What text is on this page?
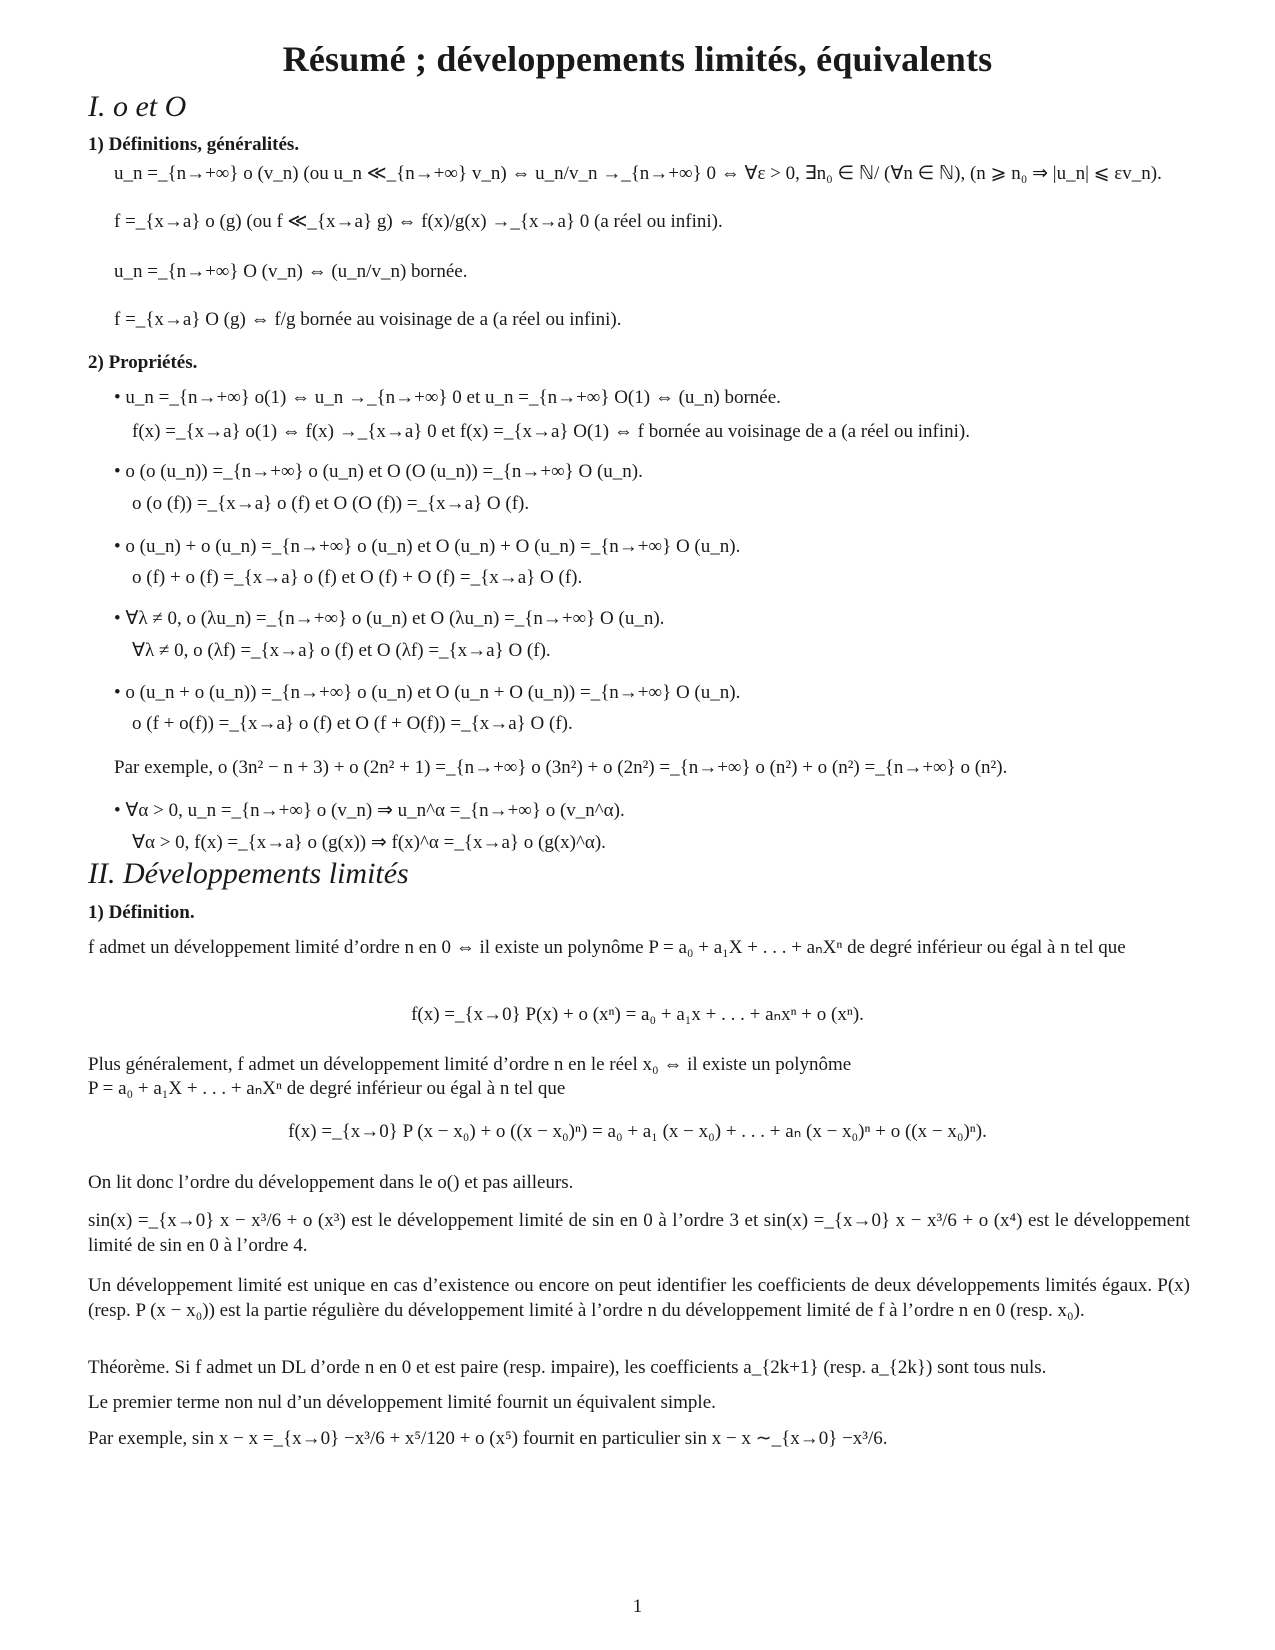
Résumé ; développements limités, équivalents
I. o et O
1) Définitions, généralités.
u_n =_{n→+∞} o (v_n) (ou u_n ≪_{n→+∞} v_n) ⇔ u_n/v_n →_{n→+∞} 0 ⇔ ∀ε > 0, ∃n₀ ∈ ℕ/ (∀n ∈ ℕ), (n ⩾ n₀ ⇒ |u_n| ⩽ εv_n).
f =_{x→a} o (g) (ou f ≪_{x→a} g) ⇔ f(x)/g(x) →_{x→a} 0 (a réel ou infini).
u_n =_{n→+∞} O (v_n) ⇔ (u_n/v_n) bornée.
f =_{x→a} O (g) ⇔ f/g bornée au voisinage de a (a réel ou infini).
2) Propriétés.
• u_n =_{n→+∞} o(1) ⇔ u_n →_{n→+∞} 0 et u_n =_{n→+∞} O(1) ⇔ (u_n) bornée.
f(x) =_{x→a} o(1) ⇔ f(x) →_{x→a} 0 et f(x) =_{x→a} O(1) ⇔ f bornée au voisinage de a (a réel ou infini).
• o (o (u_n)) =_{n→+∞} o (u_n) et O (O (u_n)) =_{n→+∞} O (u_n).
o (o (f)) =_{x→a} o (f) et O (O (f)) =_{x→a} O (f).
• o (u_n) + o (u_n) =_{n→+∞} o (u_n) et O (u_n) + O (u_n) =_{n→+∞} O (u_n).
o (f) + o (f) =_{x→a} o (f) et O (f) + O (f) =_{x→a} O (f).
• ∀λ ≠ 0, o (λu_n) =_{n→+∞} o (u_n) et O (λu_n) =_{n→+∞} O (u_n).
∀λ ≠ 0, o (λf) =_{x→a} o (f) et O (λf) =_{x→a} O (f).
• o (u_n + o (u_n)) =_{n→+∞} o (u_n) et O (u_n + O (u_n)) =_{n→+∞} O (u_n).
o (f + o(f)) =_{x→a} o (f) et O (f + O(f)) =_{x→a} O (f).
Par exemple, o (3n² − n + 3) + o (2n² + 1) =_{n→+∞} o (3n²) + o (2n²) =_{n→+∞} o (n²) + o (n²) =_{n→+∞} o (n²).
• ∀α > 0, u_n =_{n→+∞} o (v_n) ⇒ u_n^α =_{n→+∞} o (v_n^α).
∀α > 0, f(x) =_{x→a} o (g(x)) ⇒ f(x)^α =_{x→a} o (g(x)^α).
II. Développements limités
1) Définition.
f admet un développement limité d’ordre n en 0 ⇔ il existe un polynôme P = a₀ + a₁X + . . . + aₙXⁿ de degré inférieur ou égal à n tel que
f(x) =_{x→0} P(x) + o (xⁿ) = a₀ + a₁x + . . . + aₙxⁿ + o (xⁿ).
Plus généralement, f admet un développement limité d’ordre n en le réel x₀ ⇔ il existe un polynôme
P = a₀ + a₁X + . . . + aₙXⁿ de degré inférieur ou égal à n tel que
f(x) =_{x→0} P (x − x₀) + o ((x − x₀)ⁿ) = a₀ + a₁ (x − x₀) + . . . + aₙ (x − x₀)ⁿ + o ((x − x₀)ⁿ).
On lit donc l’ordre du développement dans le o() et pas ailleurs.
sin(x) =_{x→0} x − x³/6 + o (x³) est le développement limité de sin en 0 à l’ordre 3 et sin(x) =_{x→0} x − x³/6 + o (x⁴) est le développement limité de sin en 0 à l’ordre 4.
Un développement limité est unique en cas d’existence ou encore on peut identifier les coefficients de deux développements limités égaux. P(x) (resp. P (x − x₀)) est la partie régulière du développement limité à l’ordre n du développement limité de f à l’ordre n en 0 (resp. x₀).
Théorème. Si f admet un DL d’orde n en 0 et est paire (resp. impaire), les coefficients a_{2k+1} (resp. a_{2k}) sont tous nuls.
Le premier terme non nul d’un développement limité fournit un équivalent simple.
Par exemple, sin x − x =_{x→0} −x³/6 + x⁵/120 + o (x⁵) fournit en particulier sin x − x ∼_{x→0} −x³/6.
1
